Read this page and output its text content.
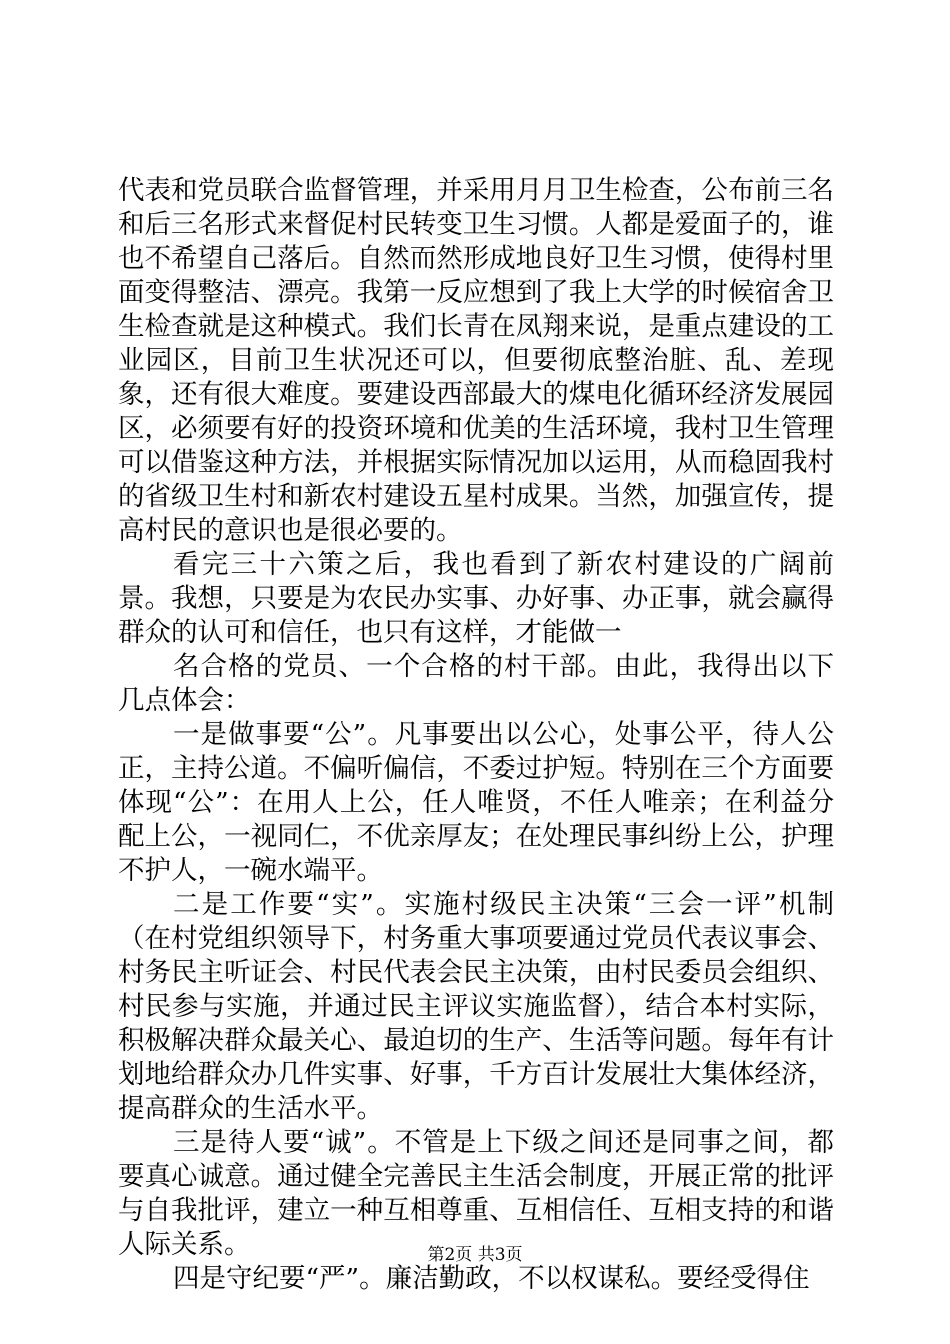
代表和党员联合监督管理，并采用月月卫生检查，公布前三名和后三名形式来督促村民转变卫生习惯。人都是爱面子的，谁也不希望自己落后。自然而然形成地良好卫生习惯，使得村里面变得整洁、漂亮。我第一反应想到了我上大学的时候宿舍卫生检查就是这种模式。我们长青在凤翔来说，是重点建设的工业园区，目前卫生状况还可以，但要彻底整治脏、乱、差现象，还有很大难度。要建设西部最大的煤电化循环经济发展园区，必须要有好的投资环境和优美的生活环境，我村卫生管理可以借鉴这种方法，并根据实际情况加以运用，从而稳固我村的省级卫生村和新农村建设五星村成果。当然，加强宣传，提高村民的意识也是很必要的。

看完三十六策之后，我也看到了新农村建设的广阔前景。我想，只要是为农民办实事、办好事、办正事，就会赢得群众的认可和信任，也只有这样，才能做一

名合格的党员、一个合格的村干部。由此，我得出以下几点体会：

一是做事要“公”。凡事要出以公心，处事公平，待人公正，主持公道。不偏听偏信，不委过护短。特别在三个方面要体现“公”：在用人上公，任人唯贤，不任人唯亲；在利益分配上公，一视同仁，不优亲厚友；在处理民事纠纷上公，护理不护人，一碗水端平。

二是工作要“实”。实施村级民主决策“三会一评”机制（在村党组织领导下，村务重大事项要通过党员代表议事会、村务民主听证会、村民代表会民主决策，由村民委员会组织、村民参与实施，并通过民主评议实施监督），结合本村实际，积极解决群众最关心、最迫切的生产、生活等问题。每年有计划地给群众办几件实事、好事，千方百计发展壮大集体经济，提高群众的生活水平。

三是待人要“诚”。不管是上下级之间还是同事之间，都要真心诚意。通过健全完善民主生活会制度，开展正常的批评与自我批评，建立一种互相尊重、互相信任、互相支持的和谐人际关系。

四是守纪要“严”。廉洁勤政，不以权谋私。要经受得住

第2页 共3页
